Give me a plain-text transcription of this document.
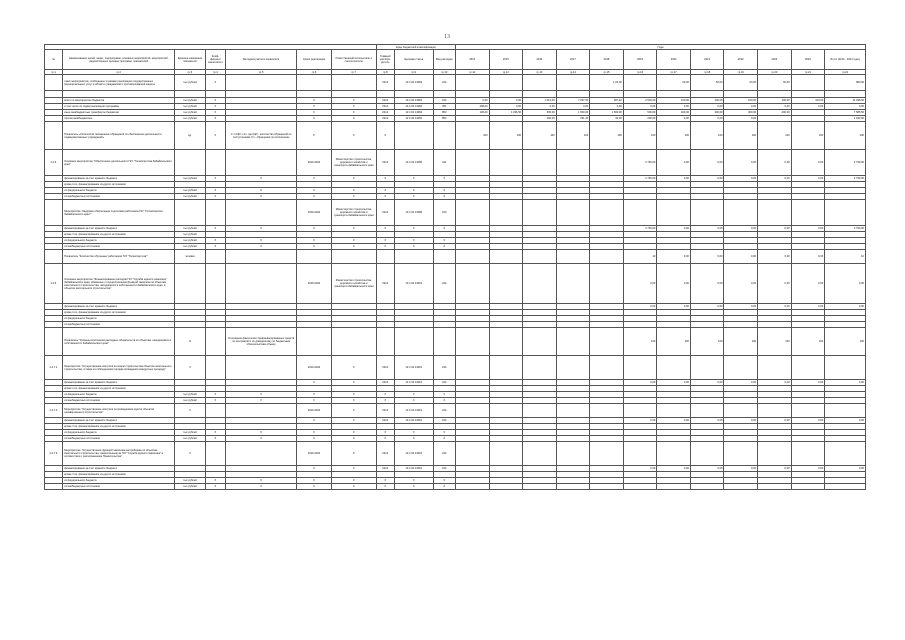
13
							Коды бюджетной классификации			Годы											
№	Наименование целей, задач, подпрограмм, основных мероприятий, мероприятий, ведомственных целевых программ, показателей	Единица измерения показателя	Коэф-фициент значи-мости	Методика расчета показателя	Сроки реализации	Ответственный исполнитель и соисполнители	Главный распоря-дитель	Целевая статья	Вид расходов	2014	2015	2016	2017	2018	2019	2020	2021	2022	2023	2024	Итого (2014 - 2024 годы)
гр.1	гр.2	гр.3	гр.4	гр.5	гр.6	гр.7	гр.8	гр.9	гр.10	гр.11	гр.12	гр.13	гр.14	гр.15	гр.16	гр.17	гр.18	гр.19	гр.20	гр.21	гр.22
	таких мероприятиях, сообщенных в рамках реализации государственных (муниципальных) услуг в области гражданской и противопожарной защиты	тыс.рублей	Х				0412	13 4 02 14084	244					1,00,00		60,00	50,00	60,00	60,00		580,00

	всего по мероприятию бюджетов	тыс.рублей	Х		Х	Х	0412	13 4 02 14084	244	0,00	0,00	1 013,00	7 097,50	287,40	2 500,00	100,00	100,00	100,00	100,00	100,00	11 498,00
	в том числе по годам реализации программы	тыс.рублей	Х		Х	Х	0412	13 4 02 14084	351	298,00	0,00	0,00	0,00	0,00	0,00	0,00	0,00	0,00	0,00	0,00	0,00
	иные межбюджетные трансферты бюджетам	тыс.рублей	Х		Х	Х	0412	13 4 02 14084	853	100,00	1 036,50	500,00	1 500,00	1 500,00	500,00	400,00	300,00	300,00	400,00		7 585,50
	прочие межбюджетные	тыс.рублей	Х		Х	Х	0412	13 4 02 14084	853			400,00	291,40	40,00	200,00	0,00	0,00	0,00			1 932,60
	Показатель «Количество письменных обращений по обеспечению деятельности подведомственных учреждений»	ед.	Х	С = Кфб + Кп, где Кфб - количество обращений по поступлениям; Кп - обращения по исполнению	Р	Х	Х			100	100	100	100	100	100	100	100	100	100	100	100
1.4.6.	Основное мероприятие "Обеспечение деятельности ГКУ "Госэкспертиза Забайкальского края"				2019-2024	Министерство строительства, дорожного хозяйства и транспорта Забайкальского края	0412	13 4 03 14086	611						2 790,00	0,00	0,00	0,00	0,00	0,00	2 790,00
	финансирование за счет краевого бюджета	тыс.рублей	Х	Х	Х	Х	Х	Х	Х						2 790,00	0,00	0,00	0,00	0,00	0,00	2 790,00
	кроме того, финансирование из других источников:																				
	из федерального бюджета	тыс.рублей	Х	Х	Х	Х	Х	Х	Х												
	из внебюджетных источников	тыс.рублей	Х	Х	Х	Х	Х	Х	Х												
	Мероприятие "Кадровое обеспечение подготовки работников ГКУ "Госэкспертиза Забайкальского края""				2019-2024	Министерство строительства, дорожного хозяйства и транспорта Забайкальского края	0412	13 4 03 14086	610												
	финансирование за счет краевого бюджета	тыс.рублей	Х	Х	Х	Х	Х	Х	Х						2 790,00	0,00	0,00	0,00	0,00	0,00	2 790,00
	кроме того, финансирование из других источников:	тыс.рублей																			
	из федерального бюджета	тыс.рублей	Х	Х	Х	Х	Х	Х	Х												
	из внебюджетных источников	тыс.рублей	Х	Х	Х	Х	Х	Х	Х												
	Показатель "Количество обученных работников ГКУ "Госэкспертиза""	человек													10	0,00	0,00	0,00	0,00	0,00	10
1.4.6.	Основное мероприятие "Финансирование расходов ГКУ "Служба единого заказчика" Забайкальского края, связанных с осуществлением функций заказчика по объектам капитального строительства, находящихся в собственности Забайкальского края, в объектах капитального строительства"				2019-2024	Министерство строительства, дорожного хозяйства и транспорта Забайкальского края	0412	13 4 04 14091	244						0,00	0,00	0,00	0,00	0,00	0,00	0,00
	финансирование за счет краевого бюджета														0,00	0,00	0,00	0,00	0,00	0,00	0,00
	кроме того, финансирование из других источников:																				
	из федерального бюджета																				
	из внебюджетных источников																				
	Показатель "Уровень исполнения расходных обязательств по объектам, находящимся в собственности Забайкальского края"	%		Отношение фактически профинансированных средств по контрактам к их доведенному по бюджетным обязательствам объему											100	100	100	100	100	100	100
1.4.7.1.	Мероприятие "Осуществление контроля за ходом строительства объектов капитального строительства, а также за соблюдением порядка проведения конкурсных процедур"	Х			2019-2024	Х	0412	13 4 04 14091	244												
	финансирование за счет краевого бюджета				Х	Х	0412	13 4 04 14091	244						0,00	0,00	0,00	0,00	0,00	0,00	0,00
	кроме того, финансирование из других источников:																				
	из федерального бюджета	тыс.рублей	Х	Х	Х	Х	Х	Х	Х												
	из внебюджетных источников	тыс.рублей	Х	Х	Х	Х	Х	Х	Х												
1.4.7.2.	Мероприятие "Осуществление контроля за проведением аудита объектов незавершенного строительства"	Х			2019-2024	Х	0412	13 4 04 14091	244												
	финансирование за счет краевого бюджета				Х	Х	0412	13 4 04 14091	244						0,00	0,00	0,00	0,00	0,00	0,00	0,00
	кроме того, финансирование из других источников:																				
	из федерального бюджета	тыс.рублей	Х	Х	Х	Х	Х	Х	Х												
	из внебюджетных источников	тыс.рублей	Х	Х	Х	Х	Х	Х	Х												
1.4.7.3.	Мероприятие "Осуществление функций заказчика-застройщика по объектам капитального строительства, закрепленным за ГКУ "Служба единого заказчика" в соответствии с распоряжением Правительства"	Х			2019-2024	Х	0412	13 4 04 14091	244												
	финансирование за счет краевого бюджета				Х	Х	0412	13 4 04 14091	244						0,00	0,00	0,00	0,00	0,00	0,00	0,00
	кроме того, финансирование из других источников:																				
	из федерального бюджета	тыс.рублей	Х	Х	Х	Х	Х	Х	Х												
	из внебюджетных источников	тыс.рублей	Х	Х	Х	Х	Х	Х	Х												
